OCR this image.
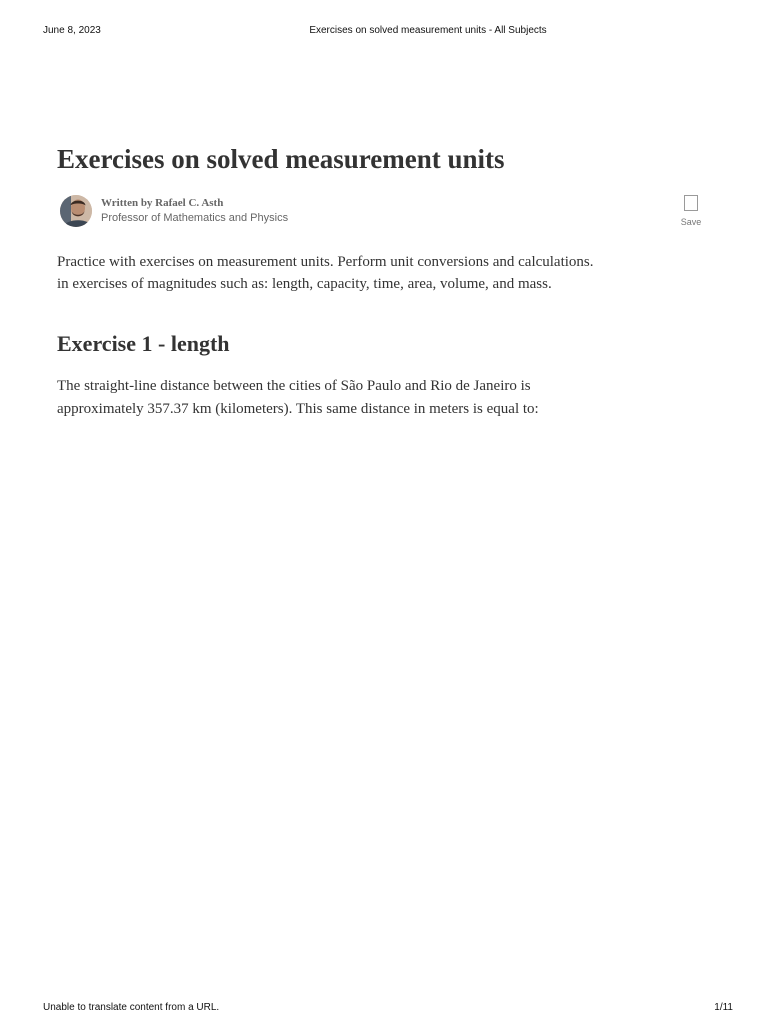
June 8, 2023	Exercises on solved measurement units - All Subjects
Exercises on solved measurement units
Written by Rafael C. Asth
Professor of Mathematics and Physics	Save

Practice with exercises on measurement units. Perform unit conversions and calculations.
in exercises of magnitudes such as: length, capacity, time, area, volume, and mass.

Exercise 1 - length

The straight-line distance between the cities of São Paulo and Rio de Janeiro is
approximately 357.37 km (kilometers). This same distance in meters is equal to:

Unable to translate content from a URL.	1/11
